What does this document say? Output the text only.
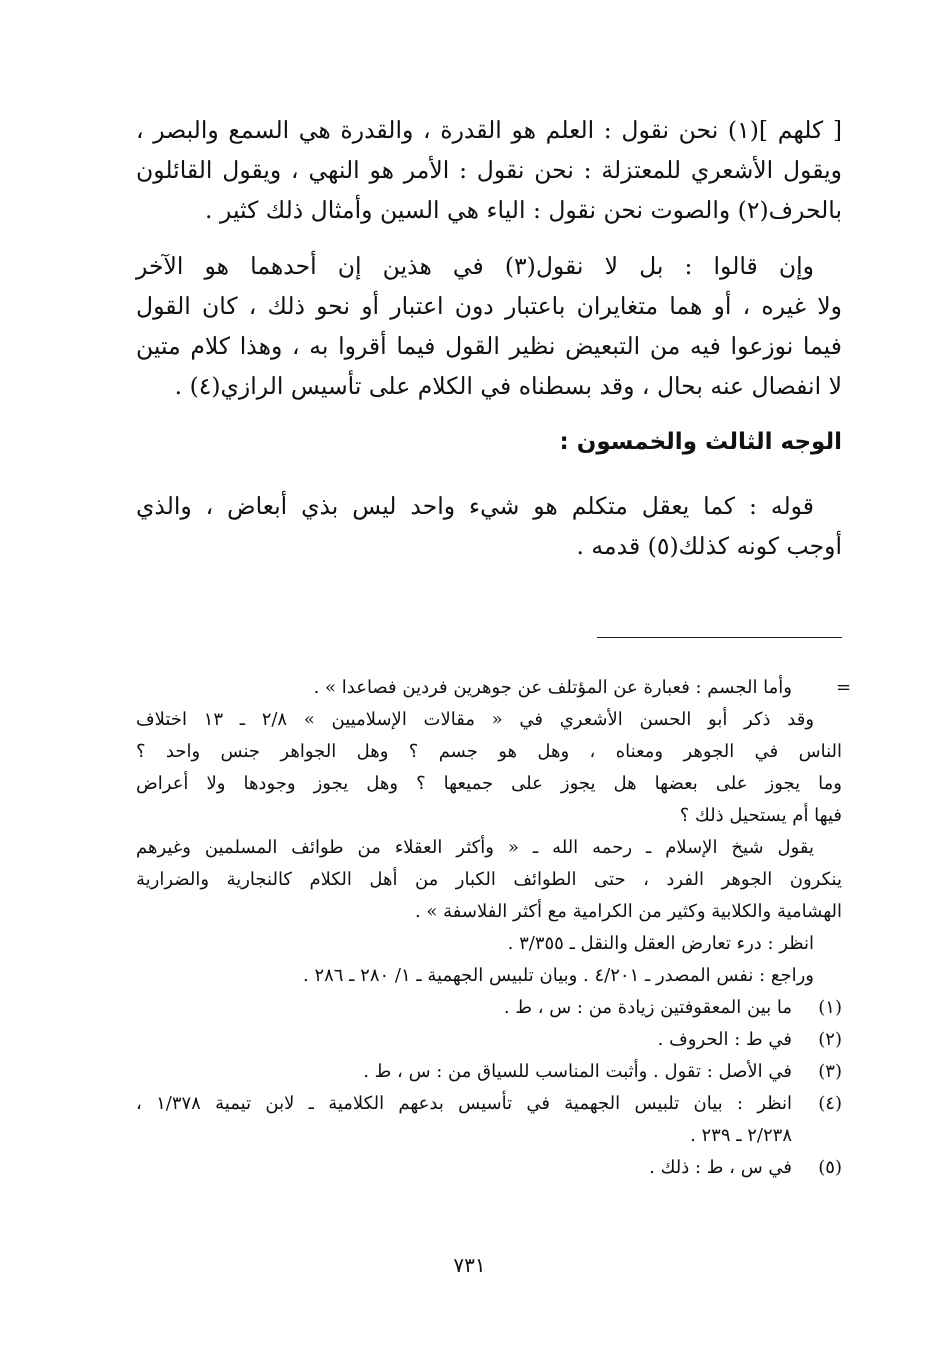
[ كلهم ](١) نحن نقول : العلم هو القدرة ، والقدرة هي السمع والبصر ،
ويقول الأشعري للمعتزلة : نحن نقول : الأمر هو النهي ، ويقول القائلون
بالحرف(٢) والصوت نحن نقول : الياء هي السين وأمثال ذلك كثير .
وإن قالوا : بل لا نقول(٣) في هذين إن أحدهما هو الآخر
ولا غيره ، أو هما متغايران باعتبار دون اعتبار أو نحو ذلك ، كان القول
فيما نوزعوا فيه من التبعيض نظير القول فيما أقروا به ، وهذا كلام متين
لا انفصال عنه بحال ، وقد بسطناه في الكلام على تأسيس الرازي(٤) .
الوجه الثالث والخمسون :
قوله : كما يعقل متكلم هو شيء واحد ليس بذي أبعاض ، والذي
أوجب كونه كذلك(٥) قدمه .
=
وأما الجسم : فعبارة عن المؤتلف عن جوهرين فردين فصاعدا » .
وقد ذكر أبو الحسن الأشعري في « مقالات الإسلاميين » ٢/٨ ـ ١٣ اختلاف
الناس في الجوهر ومعناه ، وهل هو جسم ؟ وهل الجواهر جنس واحد ؟
وما يجوز على بعضها هل يجوز على جميعها ؟ وهل يجوز وجودها ولا أعراض
فيها أم يستحيل ذلك ؟
يقول شيخ الإسلام ـ رحمه الله ـ « وأكثر العقلاء من طوائف المسلمين وغيرهم
ينكرون الجوهر الفرد ، حتى الطوائف الكبار من أهل الكلام كالنجارية والضرارية
الهشامية والكلابية وكثير من الكرامية مع أكثر الفلاسفة » .
انظر : درء تعارض العقل والنقل ـ ٣/٣٥٥ .
وراجع : نفس المصدر ـ ٤/٢٠١ . وبيان تلبيس الجهمية ـ ١/ ٢٨٠ ـ ٢٨٦ .
(١)
ما بين المعقوفتين زيادة من : س ، ط .
(٢)
في ط : الحروف .
(٣)
في الأصل : تقول . وأثبت المناسب للسياق من : س ، ط .
(٤)
انظر : بيان تلبيس الجهمية في تأسيس بدعهم الكلامية ـ لابن تيمية ١/٣٧٨ ،
٢/٢٣٨ ـ ٢٣٩ .
(٥)
في س ، ط : ذلك .
٧٣١
